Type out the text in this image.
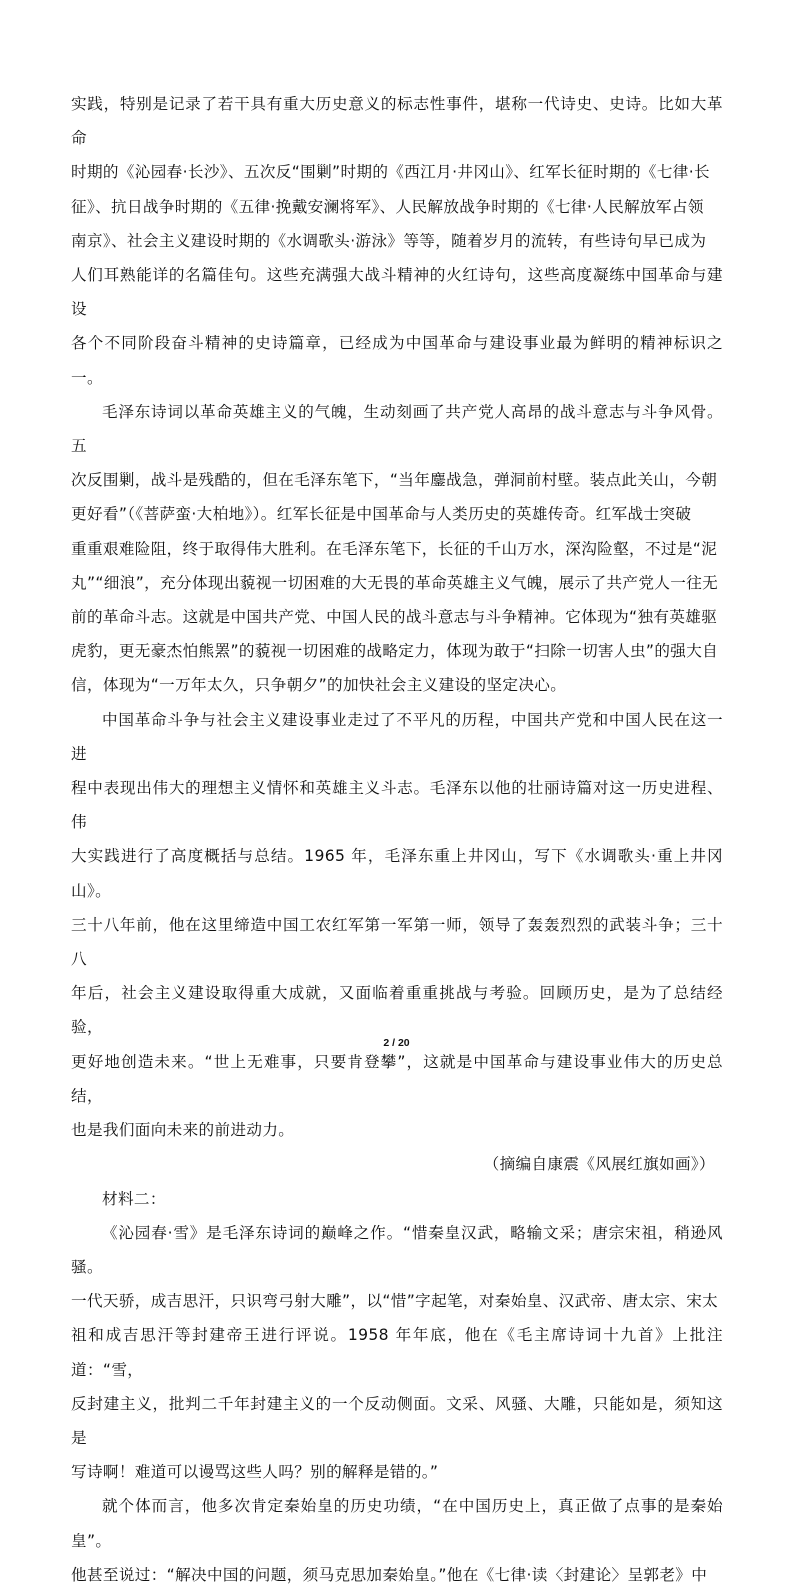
实践，特别是记录了若干具有重大历史意义的标志性事件，堪称一代诗史、史诗。比如大革命
时期的《沁园春·长沙》、五次反“围剿”时期的《西江月·井冈山》、红军长征时期的《七律·长
征》、抗日战争时期的《五律·挽戴安澜将军》、人民解放战争时期的《七律·人民解放军占领
南京》、社会主义建设时期的《水调歌头·游泳》等等，随着岁月的流转，有些诗句早已成为
人们耳熟能详的名篇佳句。这些充满强大战斗精神的火红诗句，这些高度凝练中国革命与建设
各个不同阶段奋斗精神的史诗篇章，已经成为中国革命与建设事业最为鲜明的精神标识之一。

毛泽东诗词以革命英雄主义的气魄，生动刻画了共产党人高昂的战斗意志与斗争风骨。五
次反围剿，战斗是残酷的，但在毛泽东笔下，“当年鏖战急，弹洞前村壁。装点此关山，今朝
更好看”（《菩萨蛮·大柏地》）。红军长征是中国革命与人类历史的英雄传奇。红军战士突破
重重艰难险阻，终于取得伟大胜利。在毛泽东笔下，长征的千山万水，深沟险壑，不过是“泥
丸”“细浪”，充分体现出藐视一切困难的大无畏的革命英雄主义气魄，展示了共产党人一往无
前的革命斗志。这就是中国共产党、中国人民的战斗意志与斗争精神。它体现为“独有英雄驱
虎豹，更无豪杰怕熊罴”的藐视一切困难的战略定力，体现为敢于“扫除一切害人虫”的强大自
信，体现为“一万年太久，只争朝夕”的加快社会主义建设的坚定决心。

中国革命斗争与社会主义建设事业走过了不平凡的历程，中国共产党和中国人民在这一进
程中表现出伟大的理想主义情怀和英雄主义斗志。毛泽东以他的壮丽诗篇对这一历史进程、伟
大实践进行了高度概括与总结。1965 年，毛泽东重上井冈山，写下《水调歌头·重上井冈山》。
三十八年前，他在这里缔造中国工农红军第一军第一师，领导了轰轰烈烈的武装斗争；三十八
年后，社会主义建设取得重大成就，又面临着重重挑战与考验。回顾历史，是为了总结经验，
更好地创造未来。“世上无难事，只要肯登攀”，这就是中国革命与建设事业伟大的历史总结，
也是我们面向未来的前进动力。

（摘编自康震《风展红旗如画》）

材料二：

《沁园春·雪》是毛泽东诗词的巅峰之作。“惜秦皇汉武，略输文采；唐宗宋祖，稍逊风骚。
一代天骄，成吉思汗，只识弯弓射大雕”，以“惜”字起笔，对秦始皇、汉武帝、唐太宗、宋太
祖和成吉思汗等封建帝王进行评说。1958 年年底，他在《毛主席诗词十九首》上批注道：“雪，
反封建主义，批判二千年封建主义的一个反动侧面。文采、风骚、大雕，只能如是，须知这是
写诗啊！难道可以谩骂这些人吗？别的解释是错的。”

就个体而言，他多次肯定秦始皇的历史功绩，“在中国历史上，真正做了点事的是秦始皇”。
他甚至说过：“解决中国的问题，须马克思加秦始皇。”他在《七律·读〈封建论〉呈郭老》中

2 / 20
